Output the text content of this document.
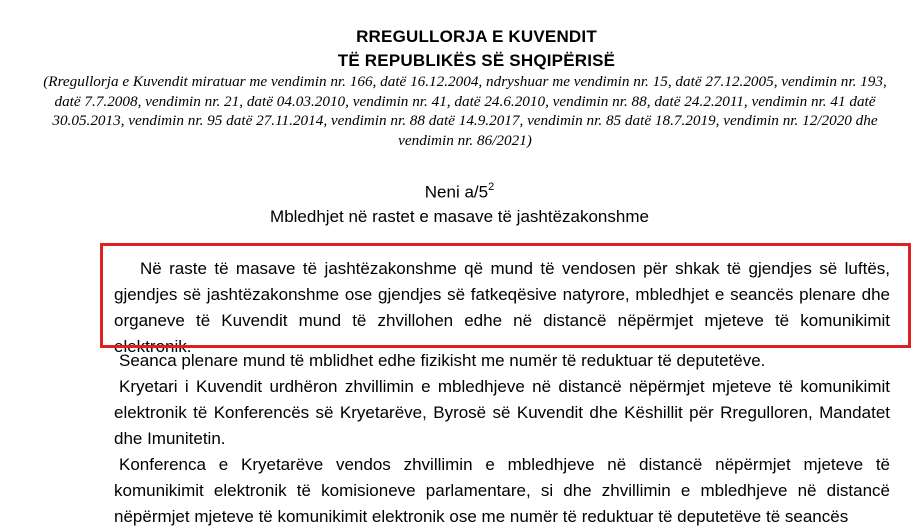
RREGULLORJA E KUVENDIT
TË REPUBLIKËS SË SHQIPËRISË
(Rregullorja e Kuvendit miratuar me vendimin nr. 166, datë 16.12.2004, ndryshuar me vendimin nr. 15, datë 27.12.2005, vendimin nr. 193, datë 7.7.2008, vendimin nr. 21, datë 04.03.2010, vendimin nr. 41, datë 24.6.2010, vendimin nr. 88, datë 24.2.2011, vendimin nr. 41 datë 30.05.2013, vendimin nr. 95 datë 27.11.2014, vendimin nr. 88 datë 14.9.2017, vendimin nr. 85 datë 18.7.2019, vendimin nr. 12/2020 dhe vendimin nr. 86/2021)
Neni $a/5^2$
Mbledhjet në rastet e masave të jashtëzakonshme
Në raste të masave të jashtëzakonshme që mund të vendosen për shkak të gjendjes së luftës, gjendjes së jashtëzakonshme ose gjendjes së fatkeqësive natyrore, mbledhjet e seancës plenare dhe organeve të Kuvendit mund të zhvillohen edhe në distancë nëpërmjet mjeteve të komunikimit elektronik.
Seanca plenare mund të mblidhet edhe fizikisht me numër të reduktuar të deputetëve.
Kryetari i Kuvendit urdhëron zhvillimin e mbledhjeve në distancë nëpërmjet mjeteve të komunikimit elektronik të Konferencës së Kryetarëve, Byrosë së Kuvendit dhe Këshillit për Rregulloren, Mandatet dhe Imunitetin.
Konferenca e Kryetarëve vendos zhvillimin e mbledhjeve në distancë nëpërmjet mjeteve të komunikimit elektronik të komisioneve parlamentare, si dhe zhvillimin e mbledhjeve në distancë nëpërmjet mjeteve të komunikimit elektronik ose me numër të reduktuar të deputetëve të seancës
